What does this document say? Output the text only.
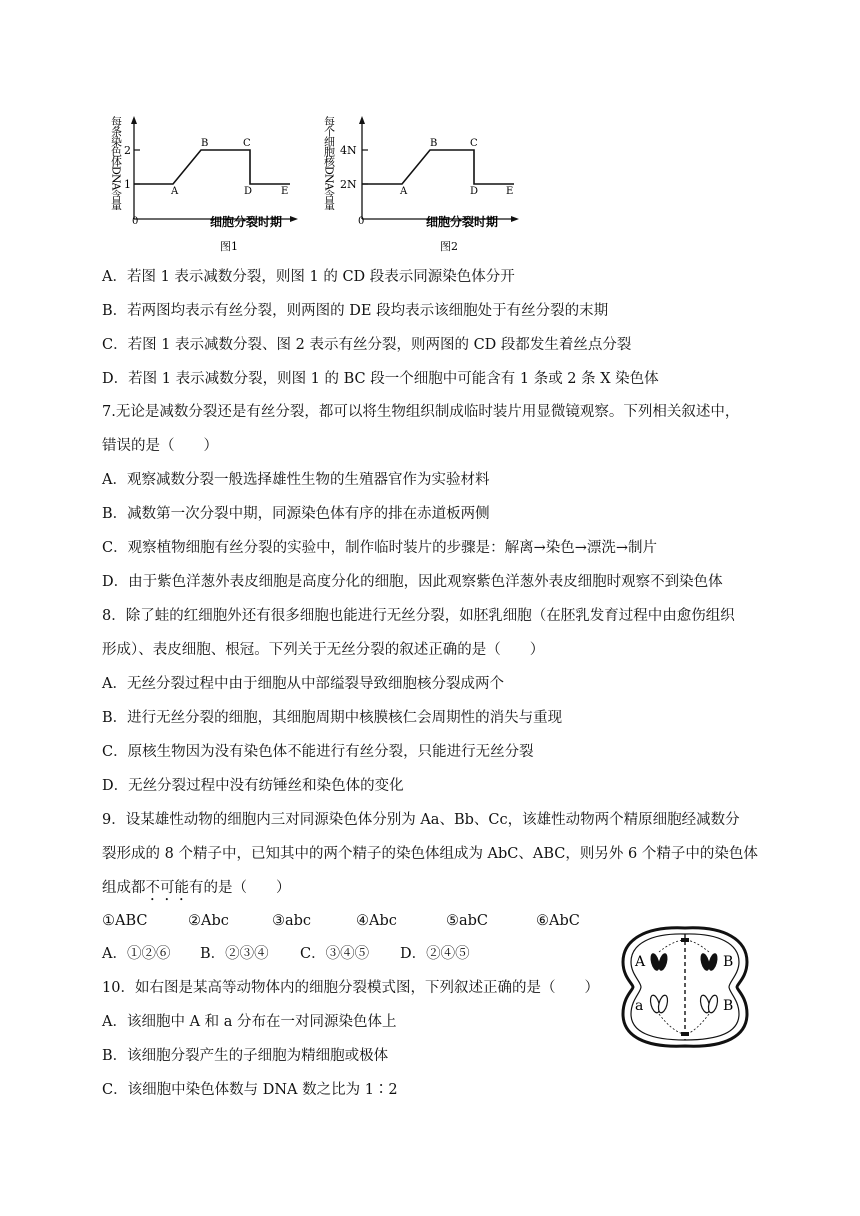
每条染色体DNA含量 2
1
0
A
B	C
D	E
细胞分裂时期
图1
每个细胞核DNA含量 4N
2N
0
A
B	C
D	E
细胞分裂时期
图2
A．若图 1 表示减数分裂，则图 1 的 CD 段表示同源染色体分开
B．若两图均表示有丝分裂，则两图的 DE 段均表示该细胞处于有丝分裂的末期
C．若图 1 表示减数分裂、图 2 表示有丝分裂，则两图的 CD 段都发生着丝点分裂
D．若图 1 表示减数分裂，则图 1 的 BC 段一个细胞中可能含有 1 条或 2 条 X 染色体
7.无论是减数分裂还是有丝分裂，都可以将生物组织制成临时装片用显微镜观察。下列相关叙述中，
错误的是（　　）
A．观察减数分裂一般选择雄性生物的生殖器官作为实验材料
B．减数第一次分裂中期，同源染色体有序的排在赤道板两侧
C．观察植物细胞有丝分裂的实验中，制作临时装片的步骤是：解离→染色→漂洗→制片
D．由于紫色洋葱外表皮细胞是高度分化的细胞，因此观察紫色洋葱外表皮细胞时观察不到染色体
8．除了蛙的红细胞外还有很多细胞也能进行无丝分裂，如胚乳细胞（在胚乳发育过程中由愈伤组织
形成）、表皮细胞、根冠。下列关于无丝分裂的叙述正确的是（　　）
A．无丝分裂过程中由于细胞从中部缢裂导致细胞核分裂成两个
B．进行无丝分裂的细胞，其细胞周期中核膜核仁会周期性的消失与重现
C．原核生物因为没有染色体不能进行有丝分裂，只能进行无丝分裂
D．无丝分裂过程中没有纺锤丝和染色体的变化
9．设某雄性动物的细胞内三对同源染色体分别为 Aa、Bb、Cc，该雄性动物两个精原细胞经减数分
裂形成的 8 个精子中，已知其中的两个精子的染色体组成为 AbC、ABC，则另外 6 个精子中的染色体
组成都不可能有的是（　　）
①ABC	②Abc	③abc	④Abc	⑤abC	⑥AbC
A．①②⑥ B．②③④ C．③④⑤ D．②④⑤
10．如右图是某高等动物体内的细胞分裂模式图，下列叙述正确的是（　　）
A．该细胞中 A 和 a 分布在一对同源染色体上
B．该细胞分裂产生的子细胞为精细胞或极体
C．该细胞中染色体数与 DNA 数之比为 1∶2
A
a
B
B
